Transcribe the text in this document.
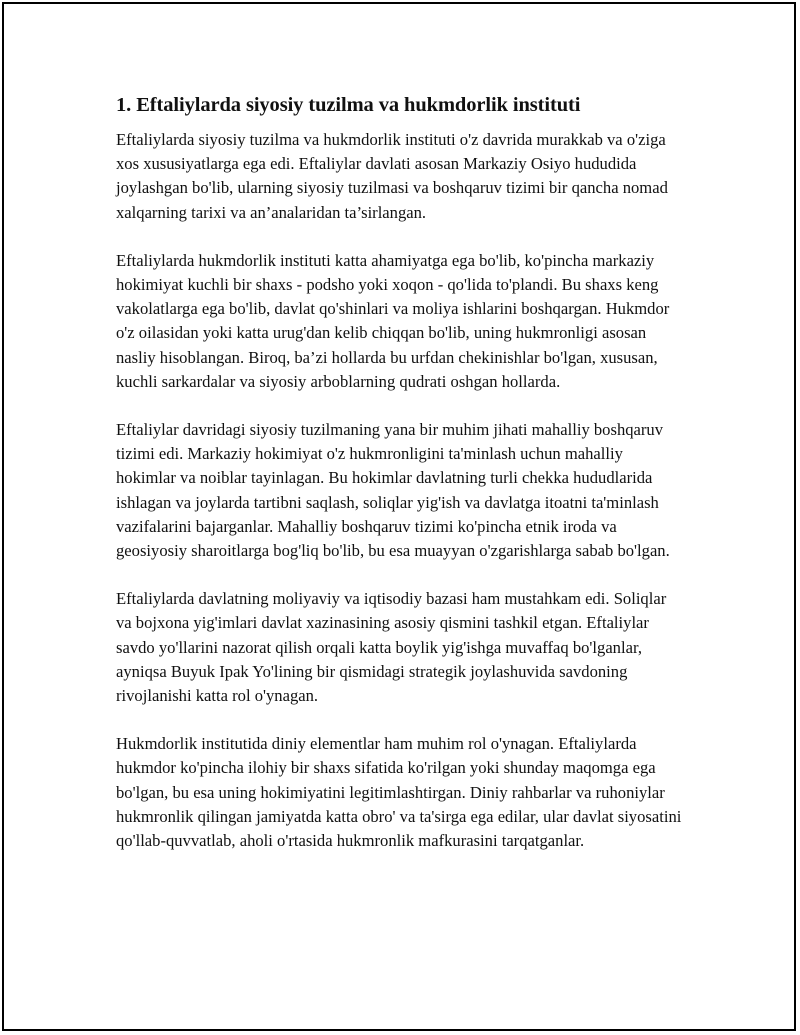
1. Eftaliylarda siyosiy tuzilma va hukmdorlik instituti

Eftaliylarda siyosiy tuzilma va hukmdorlik instituti o'z davrida murakkab va o'ziga xos xususiyatlarga ega edi. Eftaliylar davlati asosan Markaziy Osiyo hududida joylashgan bo'lib, ularning siyosiy tuzilmasi va boshqaruv tizimi bir qancha nomad xalqarning tarixi va an’analaridan ta’sirlangan.

Eftaliylarda hukmdorlik instituti katta ahamiyatga ega bo'lib, ko'pincha markaziy hokimiyat kuchli bir shaxs - podsho yoki xoqon - qo'lida to'plandi. Bu shaxs keng vakolatlarga ega bo'lib, davlat qo'shinlari va moliya ishlarini boshqargan. Hukmdor o'z oilasidan yoki katta urug'dan kelib chiqqan bo'lib, uning hukmronligi asosan nasliy hisoblangan. Biroq, ba’zi hollarda bu urfdan chekinishlar bo'lgan, xususan, kuchli sarkardalar va siyosiy arboblarning qudrati oshgan hollarda.

Eftaliylar davridagi siyosiy tuzilmaning yana bir muhim jihati mahalliy boshqaruv tizimi edi. Markaziy hokimiyat o'z hukmronligini ta'minlash uchun mahalliy hokimlar va noiblar tayinlagan. Bu hokimlar davlatning turli chekka hududlarida ishlagan va joylarda tartibni saqlash, soliqlar yig'ish va davlatga itoatni ta'minlash vazifalarini bajarganlar. Mahalliy boshqaruv tizimi ko'pincha etnik iroda va geosiyosiy sharoitlarga bog'liq bo'lib, bu esa muayyan o'zgarishlarga sabab bo'lgan.

Eftaliylarda davlatning moliyaviy va iqtisodiy bazasi ham mustahkam edi. Soliqlar va bojxona yig'imlari davlat xazinasining asosiy qismini tashkil etgan. Eftaliylar savdo yo'llarini nazorat qilish orqali katta boylik yig'ishga muvaffaq bo'lganlar, ayniqsa Buyuk Ipak Yo'lining bir qismidagi strategik joylashuvida savdoning rivojlanishi katta rol o'ynagan.

Hukmdorlik institutida diniy elementlar ham muhim rol o'ynagan. Eftaliylarda hukmdor ko'pincha ilohiy bir shaxs sifatida ko'rilgan yoki shunday maqomga ega bo'lgan, bu esa uning hokimiyatini legitimlashtirgan. Diniy rahbarlar va ruhoniylar hukmronlik qilingan jamiyatda katta obro' va ta'sirga ega edilar, ular davlat siyosatini qo'llab-quvvatlab, aholi o'rtasida hukmronlik mafkurasini tarqatganlar.
